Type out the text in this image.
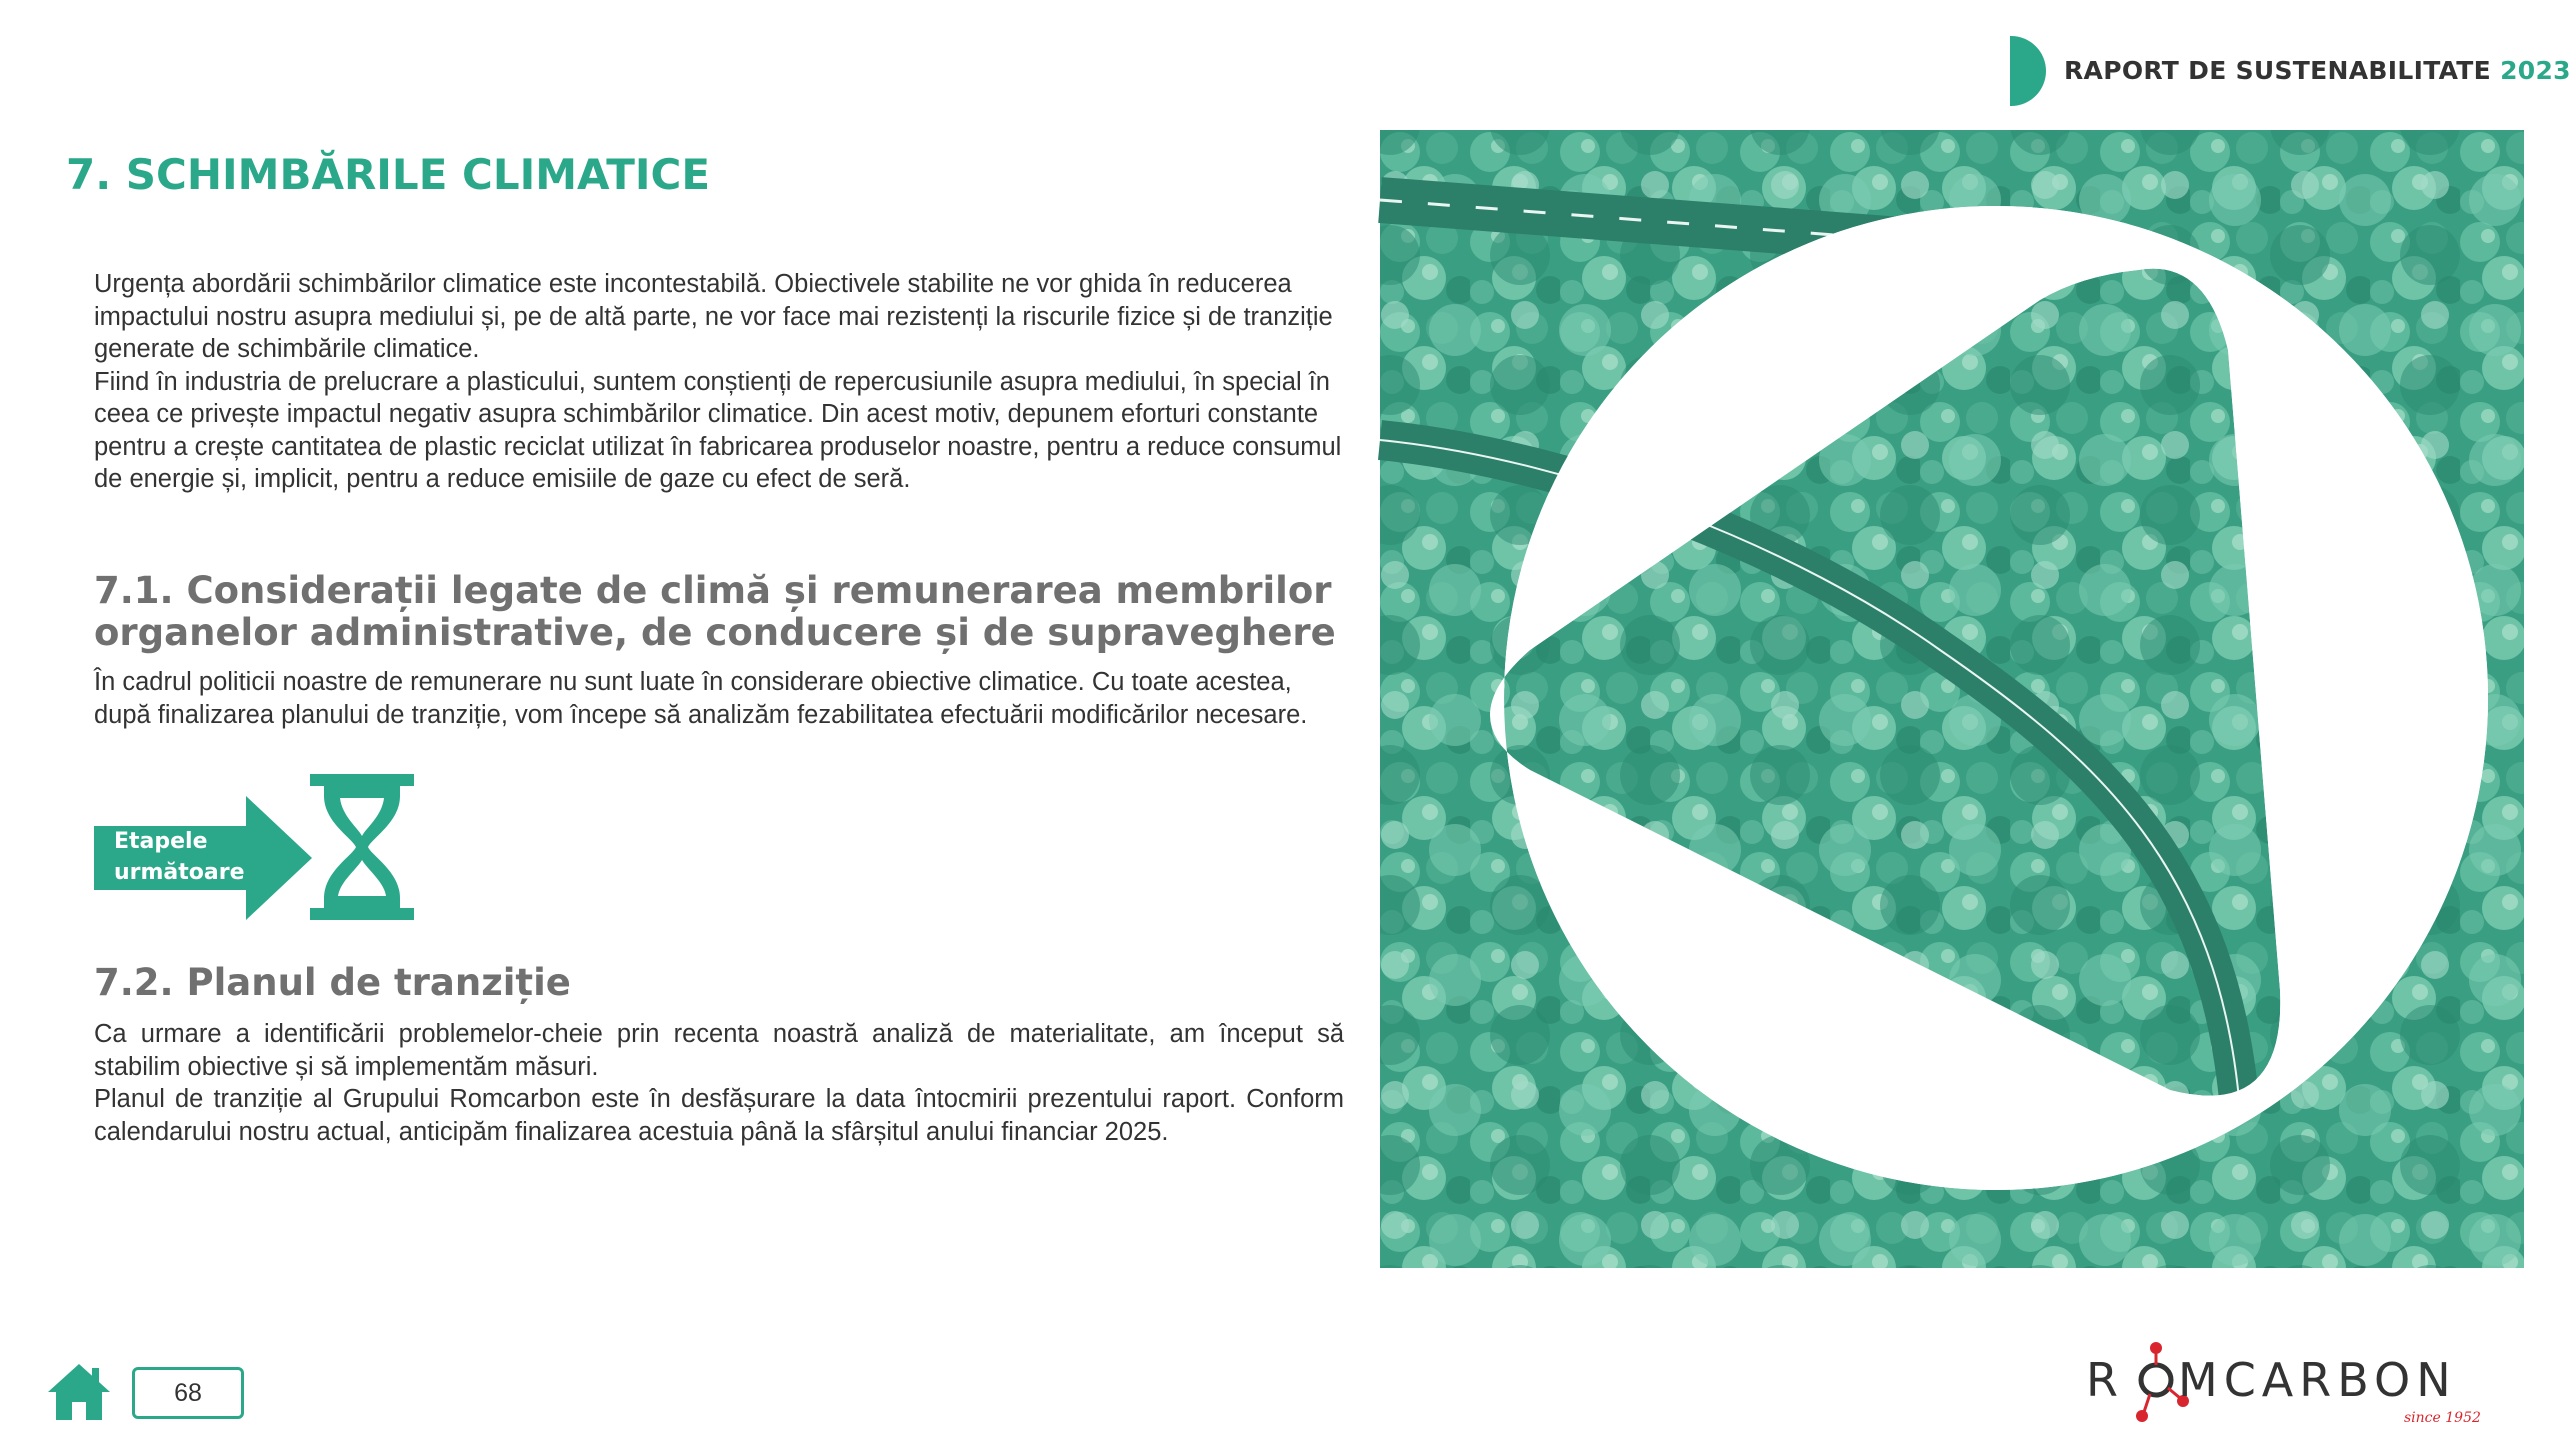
RAPORT DE SUSTENABILITATE 2023
7. SCHIMBĂRILE CLIMATICE

Urgența abordării schimbărilor climatice este incontestabilă. Obiectivele stabilite ne vor ghida în reducerea impactului nostru asupra mediului și, pe de altă parte, ne vor face mai rezistenți la riscurile fizice și de tranziție generate de schimbările climatice.

Fiind în industria de prelucrare a plasticului, suntem conștienți de repercusiunile asupra mediului, în special în ceea ce privește impactul negativ asupra schimbărilor climatice. Din acest motiv, depunem eforturi constante pentru a crește cantitatea de plastic reciclat utilizat în fabricarea produselor noastre, pentru a reduce consumul de energie și, implicit, pentru a reduce emisiile de gaze cu efect de seră.

7.1. Considerații legate de climă și remunerarea membrilor organelor administrative, de conducere și de supraveghere

În cadrul politicii noastre de remunerare nu sunt luate în considerare obiective climatice. Cu toate acestea, după finalizarea planului de tranziție, vom începe să analizăm fezabilitatea efectuării modificărilor necesare.

Etapele
următoare
7.2. Planul de tranziție

Ca urmare a identificării problemelor-cheie prin recenta noastră analiză de materialitate, am început să stabilim obiective și să implementăm măsuri.

Planul de tranziție al Grupului Romcarbon este în desfășurare la data întocmirii prezentului raport. Conform calendarului nostru actual, anticipăm finalizarea acestuia până la sfârșitul anului financiar 2025.

68	R MCARBON
since 1952
